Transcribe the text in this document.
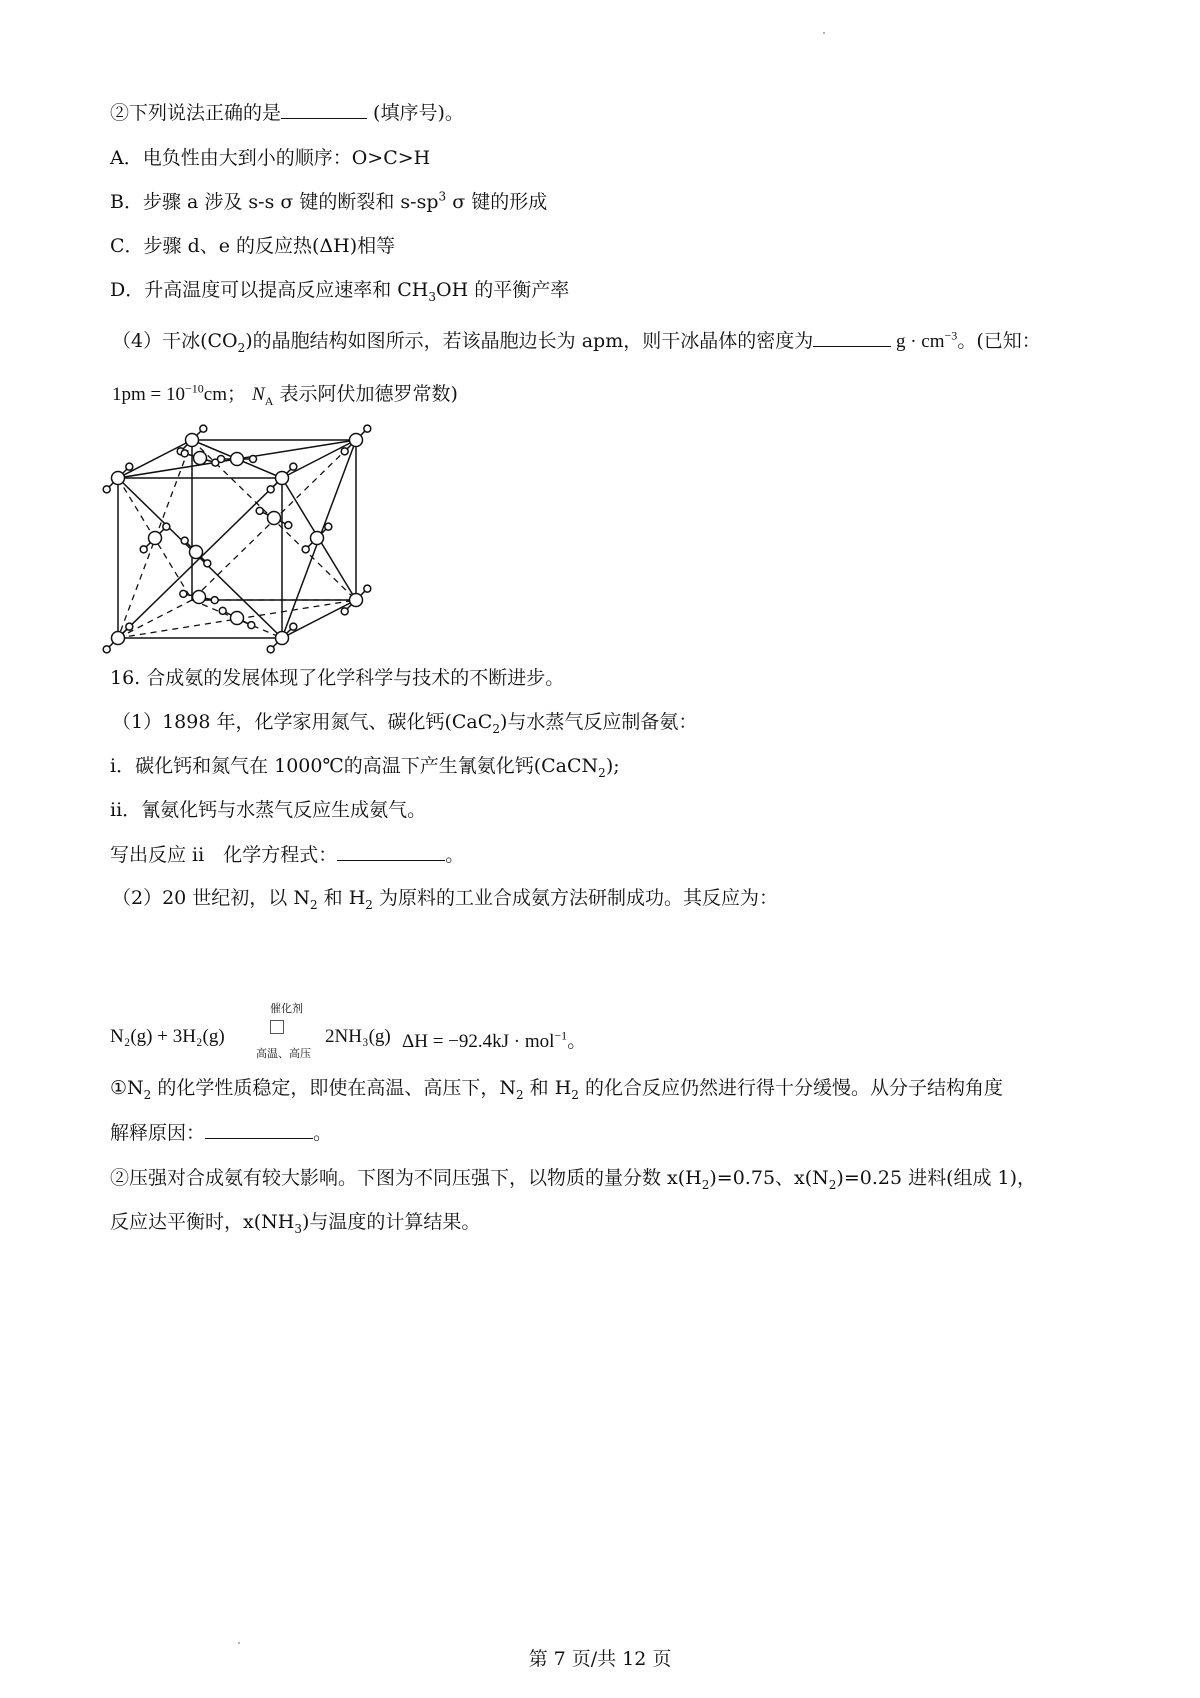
②下列说法正确的是	(填序号)。
A．电负性由大到小的顺序：O>C>H
B．步骤 a 涉及 s-s σ 键的断裂和 $s-sp^3$ σ 键的形成
C．步骤 d、e 的反应热(ΔH)相等
D．升高温度可以提高反应速率和 $CH_3OH$ 的平衡产率
（4）干冰$(CO_2)$的晶胞结构如图所示，若该晶胞边长为 apm，则干冰晶体的密度为	$g \cdot cm^{-3}$。(已知：
$1pm = 10^{-10}cm$； $N_A$ 表示阿伏加德罗常数)
16. 合成氨的发展体现了化学科学与技术的不断进步。
（1）1898 年，化学家用氮气、碳化钙(CaC$_2$)与水蒸气反应制备氨：
i．碳化钙和氮气在 1000℃的高温下产生氰氨化钙(CaCN$_2$);
ii．氰氨化钙与水蒸气反应生成氨气。
写出反应 ii　化学方程式：	。
（2）20 世纪初，以 $N_2$ 和 $H_2$ 为原料的工业合成氨方法研制成功。其反应为：
N₂(g) + 3H₂(g)
催化剂
高温、高压
2NH₃(g) ΔH = −92.4kJ · mol$^{-1}$。
$①N_2$ 的化学性质稳定，即使在高温、高压下，$N_2$ 和 $H_2$ 的化合反应仍然进行得十分缓慢。从分子结构角度
解释原因：	。
②压强对合成氨有较大影响。下图为不同压强下，以物质的量分数 $x(H_2)=0.75$、$x(N_2)=0.25$ 进料(组成 1)，
反应达平衡时，$x(NH_3)$与温度的计算结果。
第 7 页/共 12 页
